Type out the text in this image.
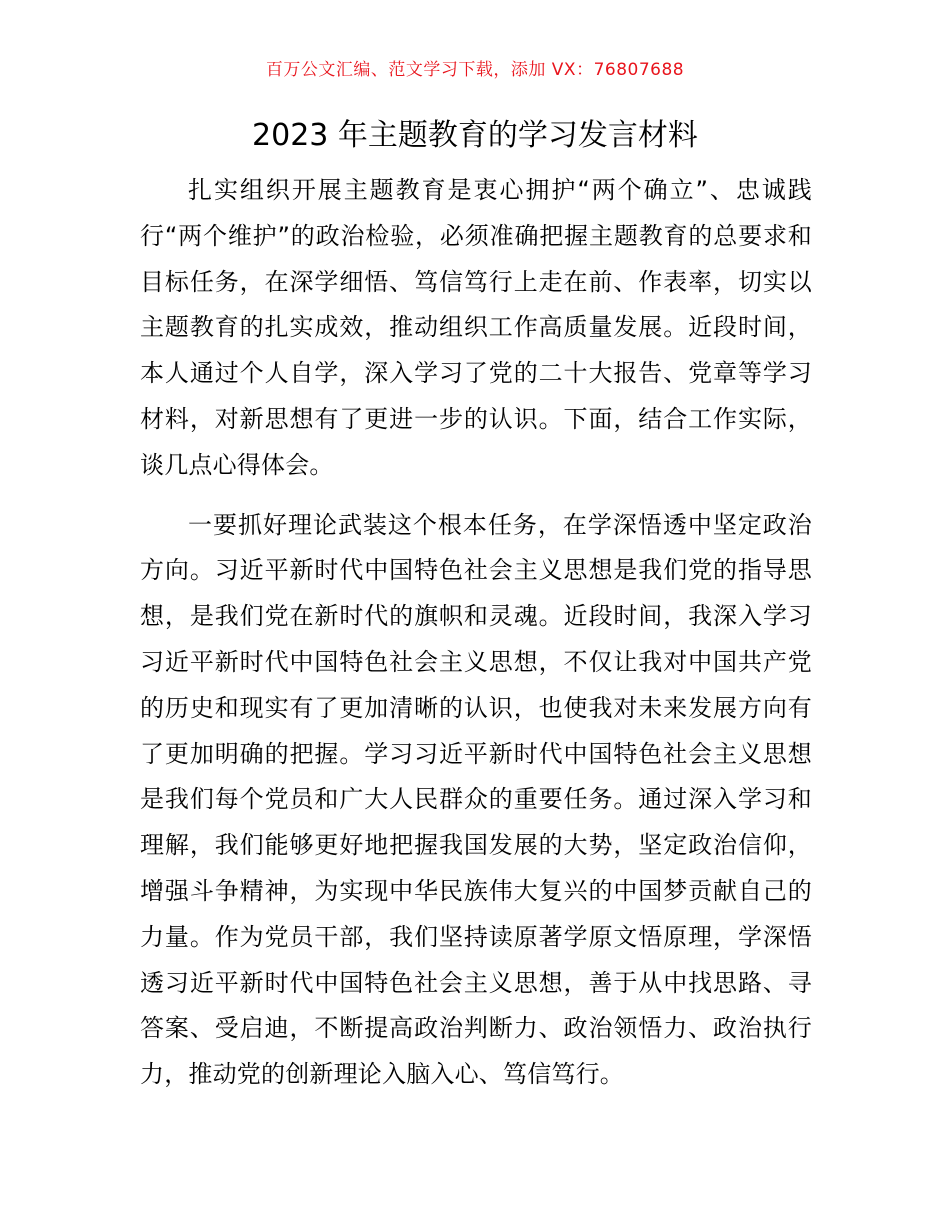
百万公文汇编、范文学习下载，添加 VX：76807688
2023 年主题教育的学习发言材料

扎实组织开展主题教育是衷心拥护“两个确立”、忠诚践行“两个维护”的政治检验，必须准确把握主题教育的总要求和目标任务，在深学细悟、笃信笃行上走在前、作表率，切实以主题教育的扎实成效，推动组织工作高质量发展。近段时间，本人通过个人自学，深入学习了党的二十大报告、党章等学习材料，对新思想有了更进一步的认识。下面，结合工作实际，谈几点心得体会。

一要抓好理论武装这个根本任务，在学深悟透中坚定政治方向。习近平新时代中国特色社会主义思想是我们党的指导思想，是我们党在新时代的旗帜和灵魂。近段时间，我深入学习习近平新时代中国特色社会主义思想，不仅让我对中国共产党的历史和现实有了更加清晰的认识，也使我对未来发展方向有了更加明确的把握。学习习近平新时代中国特色社会主义思想是我们每个党员和广大人民群众的重要任务。通过深入学习和理解，我们能够更好地把握我国发展的大势，坚定政治信仰，增强斗争精神，为实现中华民族伟大复兴的中国梦贡献自己的力量。作为党员干部，我们坚持读原著学原文悟原理，学深悟透习近平新时代中国特色社会主义思想，善于从中找思路、寻答案、受启迪，不断提高政治判断力、政治领悟力、政治执行力，推动党的创新理论入脑入心、笃信笃行。
